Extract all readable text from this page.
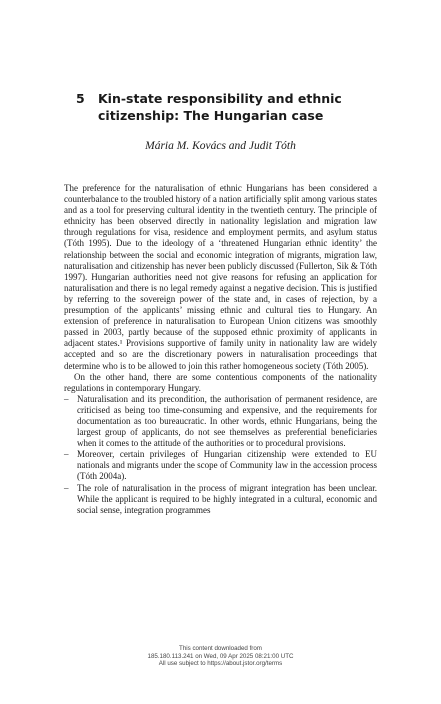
5 Kin-state responsibility and ethnic citizenship: The Hungarian case
Mária M. Kovács and Judit Tóth

The preference for the naturalisation of ethnic Hungarians has been considered a counterbalance to the troubled history of a nation artificially split among various states and as a tool for preserving cultural identity in the twentieth century. The principle of ethnicity has been observed directly in nationality legislation and migration law through regulations for visa, residence and employment permits, and asylum status (Tóth 1995). Due to the ideology of a ‘threatened Hungarian ethnic identity’ the relationship between the social and economic integration of migrants, migration law, naturalisation and citizenship has never been publicly discussed (Fullerton, Sik & Tóth 1997). Hungarian authorities need not give reasons for refusing an application for naturalisation and there is no legal remedy against a negative decision. This is justified by referring to the sovereign power of the state and, in cases of rejection, by a presumption of the applicants’ missing ethnic and cultural ties to Hungary. An extension of preference in naturalisation to European Union citizens was smoothly passed in 2003, partly because of the supposed ethnic proximity of applicants in adjacent states.¹ Provisions supportive of family unity in nationality law are widely accepted and so are the discretionary powers in naturalisation proceedings that determine who is to be allowed to join this rather homogeneous society (Tóth 2005).

On the other hand, there are some contentious components of the nationality regulations in contemporary Hungary.

– Naturalisation and its precondition, the authorisation of permanent residence, are criticised as being too time-consuming and expensive, and the requirements for documentation as too bureaucratic. In other words, ethnic Hungarians, being the largest group of applicants, do not see themselves as preferential beneficiaries when it comes to the attitude of the authorities or to procedural provisions.
– Moreover, certain privileges of Hungarian citizenship were extended to EU nationals and migrants under the scope of Community law in the accession process (Tóth 2004a).
– The role of naturalisation in the process of migrant integration has been unclear. While the applicant is required to be highly integrated in a cultural, economic and social sense, integration programmes
This content downloaded from
185.180.113.241 on Wed, 09 Apr 2025 08:21:00 UTC
All use subject to https://about.jstor.org/terms
